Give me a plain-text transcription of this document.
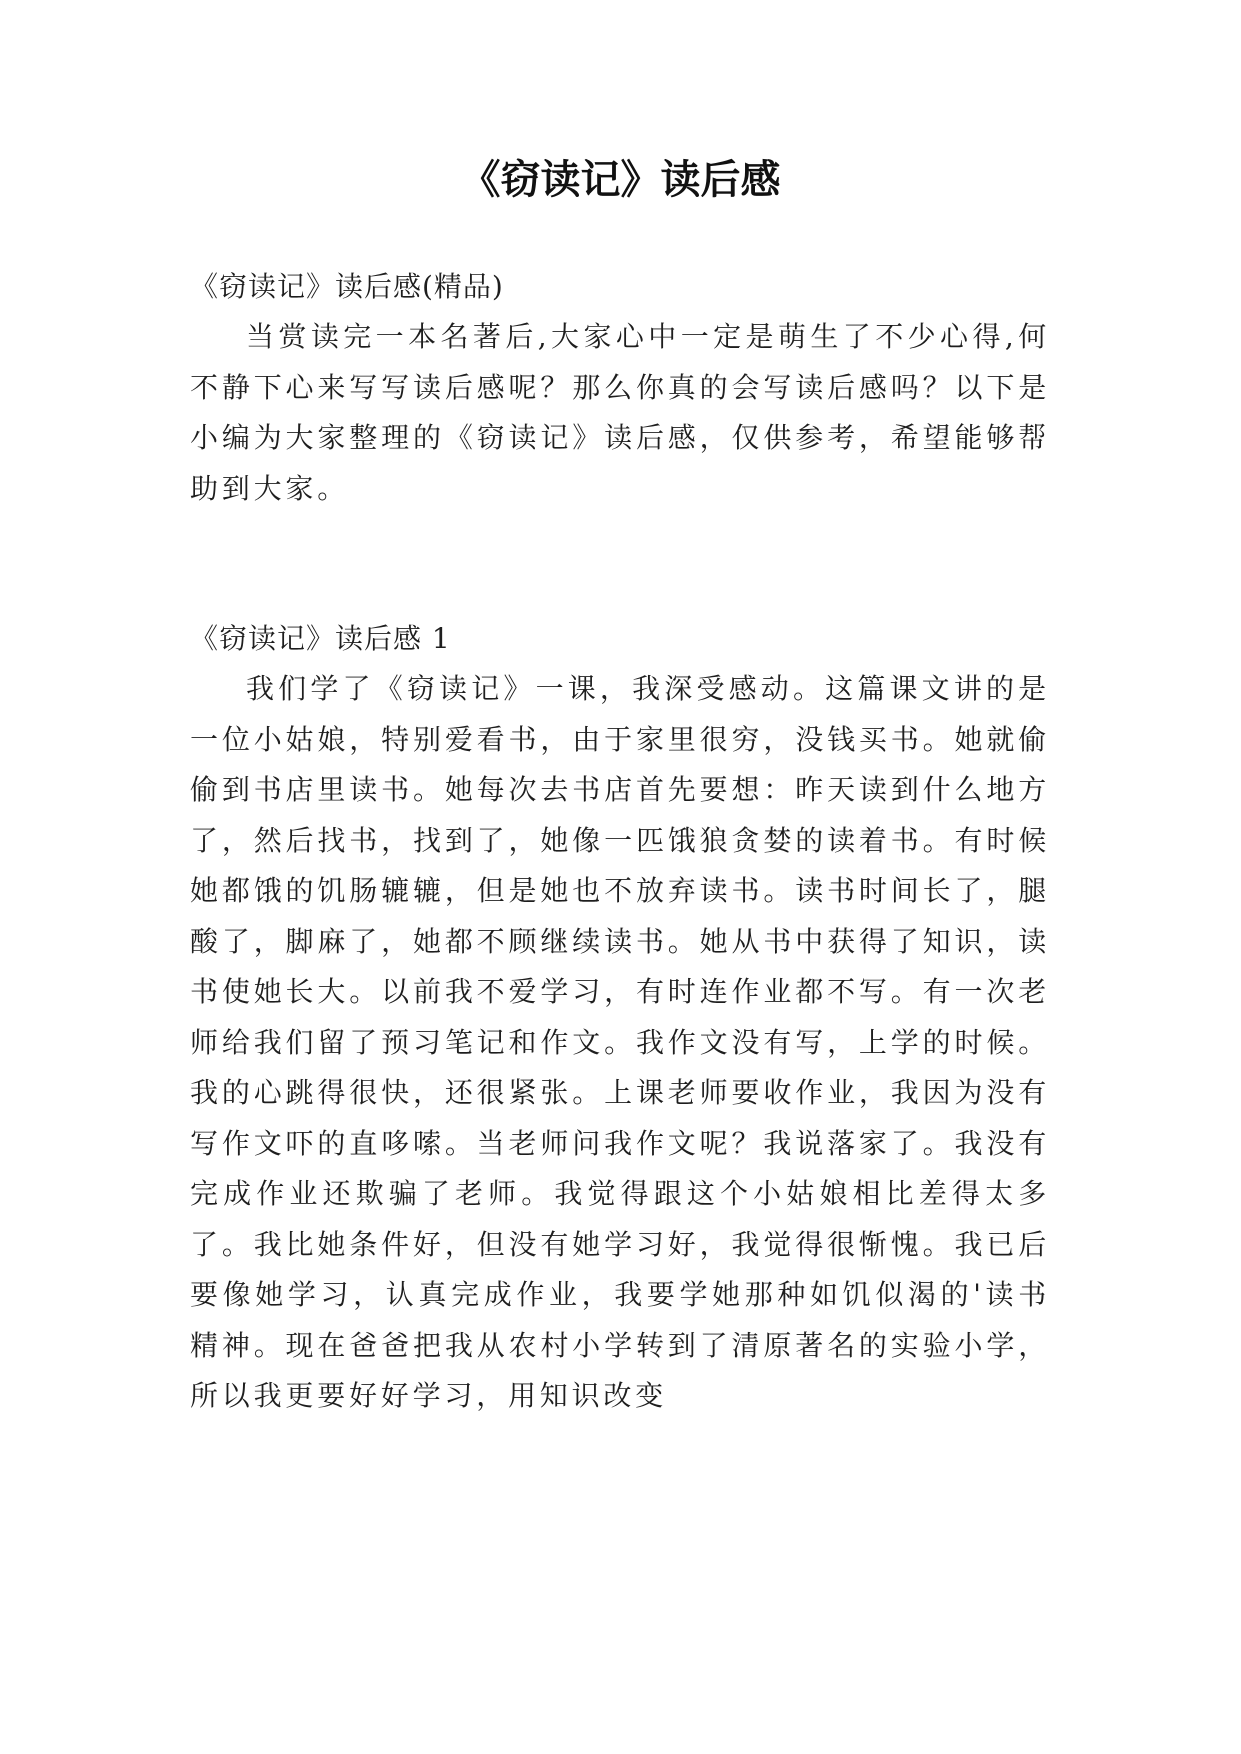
《窃读记》读后感

《窃读记》读后感(精品)

当赏读完一本名著后,大家心中一定是萌生了不少心得,何不静下心来写写读后感呢？那么你真的会写读后感吗？以下是小编为大家整理的《窃读记》读后感，仅供参考，希望能够帮助到大家。

《窃读记》读后感 1

我们学了《窃读记》一课，我深受感动。这篇课文讲的是一位小姑娘，特别爱看书，由于家里很穷，没钱买书。她就偷偷到书店里读书。她每次去书店首先要想：昨天读到什么地方了，然后找书，找到了，她像一匹饿狼贪婪的读着书。有时候她都饿的饥肠辘辘，但是她也不放弃读书。读书时间长了，腿酸了，脚麻了，她都不顾继续读书。她从书中获得了知识，读书使她长大。以前我不爱学习，有时连作业都不写。有一次老师给我们留了预习笔记和作文。我作文没有写，上学的时候。我的心跳得很快，还很紧张。上课老师要收作业，我因为没有写作文吓的直哆嗦。当老师问我作文呢？我说落家了。我没有完成作业还欺骗了老师。我觉得跟这个小姑娘相比差得太多了。我比她条件好，但没有她学习好，我觉得很惭愧。我已后要像她学习，认真完成作业，我要学她那种如饥似渴的'读书精神。现在爸爸把我从农村小学转到了清原著名的实验小学，所以我更要好好学习，用知识改变
